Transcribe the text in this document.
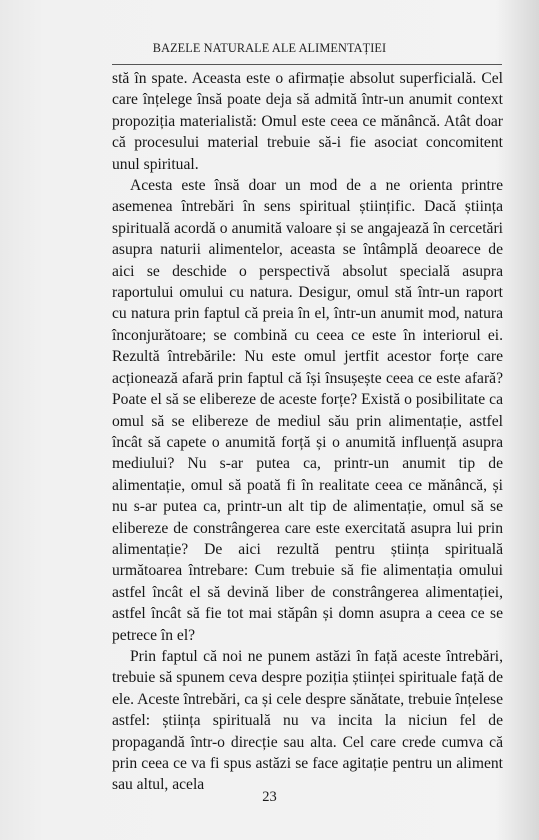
BAZELE NATURALE ALE ALIMENTAȚIEI

stă în spate. Aceasta este o afirmație absolut superficială. Cel care înțelege însă poate deja să admită într-un anumit context propoziția materialistă: Omul este ceea ce mănâncă. Atât doar că procesului material trebuie să-i fie asociat concomitent unul spiritual.

Acesta este însă doar un mod de a ne orienta printre asemenea întrebări în sens spiritual științific. Dacă știința spirituală acordă o anumită valoare și se angajează în cercetări asupra naturii alimentelor, aceasta se întâmplă deoarece de aici se deschide o perspectivă absolut specială asupra raportului omului cu natura. Desigur, omul stă într-un raport cu natura prin faptul că preia în el, într-un anumit mod, natura înconjurătoare; se combină cu ceea ce este în interiorul ei. Rezultă întrebările: Nu este omul jertfit acestor forțe care acționează afară prin faptul că își însușește ceea ce este afară? Poate el să se elibereze de aceste forțe? Există o posibilitate ca omul să se elibereze de mediul său prin alimentație, astfel încât să capete o anumită forță și o anumită influență asupra mediului? Nu s-ar putea ca, printr-un anumit tip de alimentație, omul să poată fi în realitate ceea ce mănâncă, și nu s-ar putea ca, printr-un alt tip de alimentație, omul să se elibereze de constrângerea care este exercitată asupra lui prin alimentație? De aici rezultă pentru știința spirituală următoarea întrebare: Cum trebuie să fie alimentația omului astfel încât el să devină liber de constrângerea alimentației, astfel încât să fie tot mai stăpân și domn asupra a ceea ce se petrece în el?

Prin faptul că noi ne punem astăzi în față aceste întrebări, trebuie să spunem ceva despre poziția științei spirituale față de ele. Aceste întrebări, ca și cele despre sănătate, trebuie înțelese astfel: știința spirituală nu va incita la niciun fel de propagandă într-o direcție sau alta. Cel care crede cumva că prin ceea ce va fi spus astăzi se face agitație pentru un aliment sau altul, acela

23
